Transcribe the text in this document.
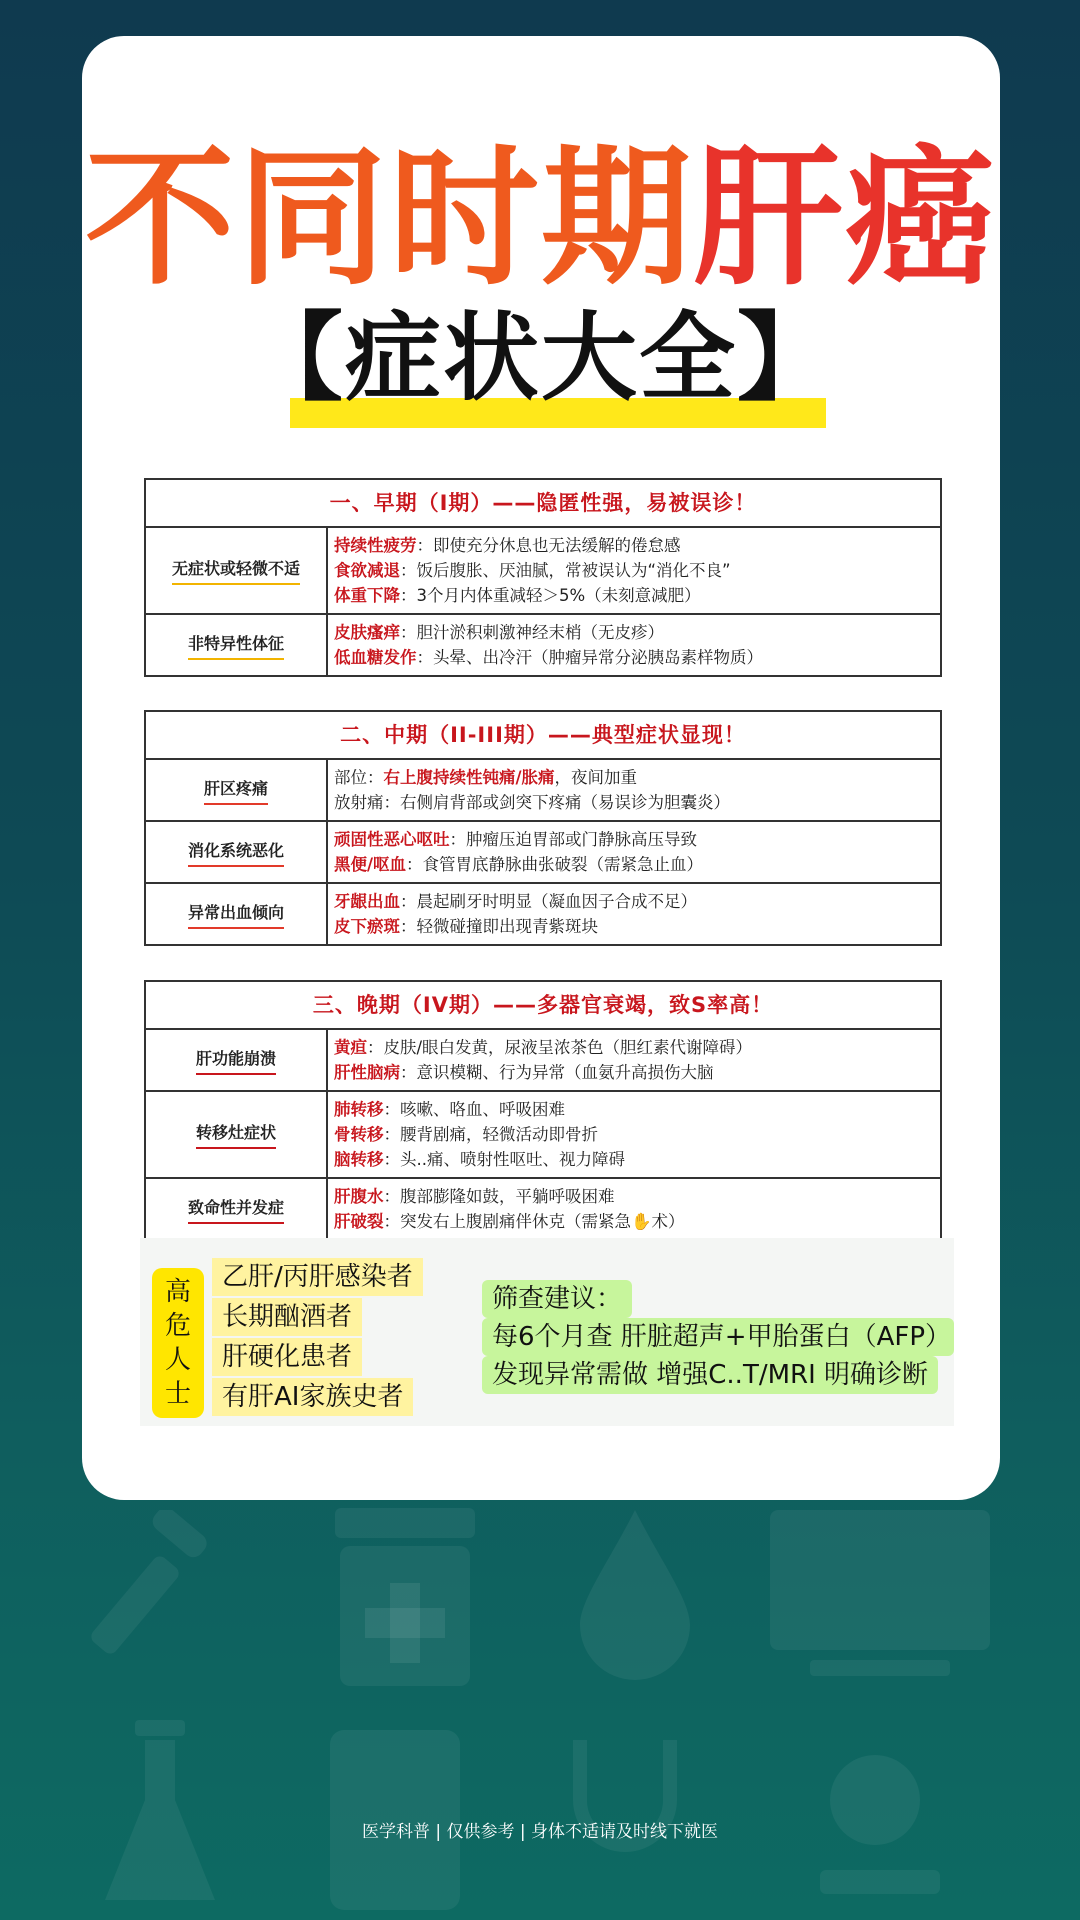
不同时期肝癌
【症状大全】
一、早期（I期）——隐匿性强，易被误诊！
无症状或轻微不适
持续性疲劳：即使充分休息也无法缓解的倦怠感
食欲减退：饭后腹胀、厌油腻，常被误认为“消化不良”
体重下降：3个月内体重减轻＞5%（未刻意减肥）
非特异性体征
皮肤瘙痒：胆汁淤积刺激神经末梢（无皮疹）
低血糖发作：头晕、出冷汗（肿瘤异常分泌胰岛素样物质）
二、中期（II-III期）——典型症状显现！
肝区疼痛
部位：右上腹持续性钝痛/胀痛，夜间加重
放射痛：右侧肩背部或剑突下疼痛（易误诊为胆囊炎）
消化系统恶化
顽固性恶心呕吐：肿瘤压迫胃部或门静脉高压导致
黑便/呕血：食管胃底静脉曲张破裂（需紧急止血）
异常出血倾向
牙龈出血：晨起刷牙时明显（凝血因子合成不足）
皮下瘀斑：轻微碰撞即出现青紫斑块
三、晚期（IV期）——多器官衰竭，致S率高！
肝功能崩溃
黄疸：皮肤/眼白发黄，尿液呈浓茶色（胆红素代谢障碍）
肝性脑病：意识模糊、行为异常（血氨升高损伤大脑
转移灶症状
肺转移：咳嗽、咯血、呼吸困难
骨转移：腰背剧痛，轻微活动即骨折
脑转移：头..痛、喷射性呕吐、视力障碍
致命性并发症
肝腹水：腹部膨隆如鼓，平躺呼吸困难
肝破裂：突发右上腹剧痛伴休克（需紧急✋术）
高
危
人
士
乙肝/丙肝感染者
长期酗酒者
肝硬化患者
有肝AI家族史者
筛查建议：
每6个月查 肝脏超声+甲胎蛋白（AFP）
发现异常需做 增强C..T/MRI 明确诊断
医学科普 | 仅供参考 | 身体不适请及时线下就医
